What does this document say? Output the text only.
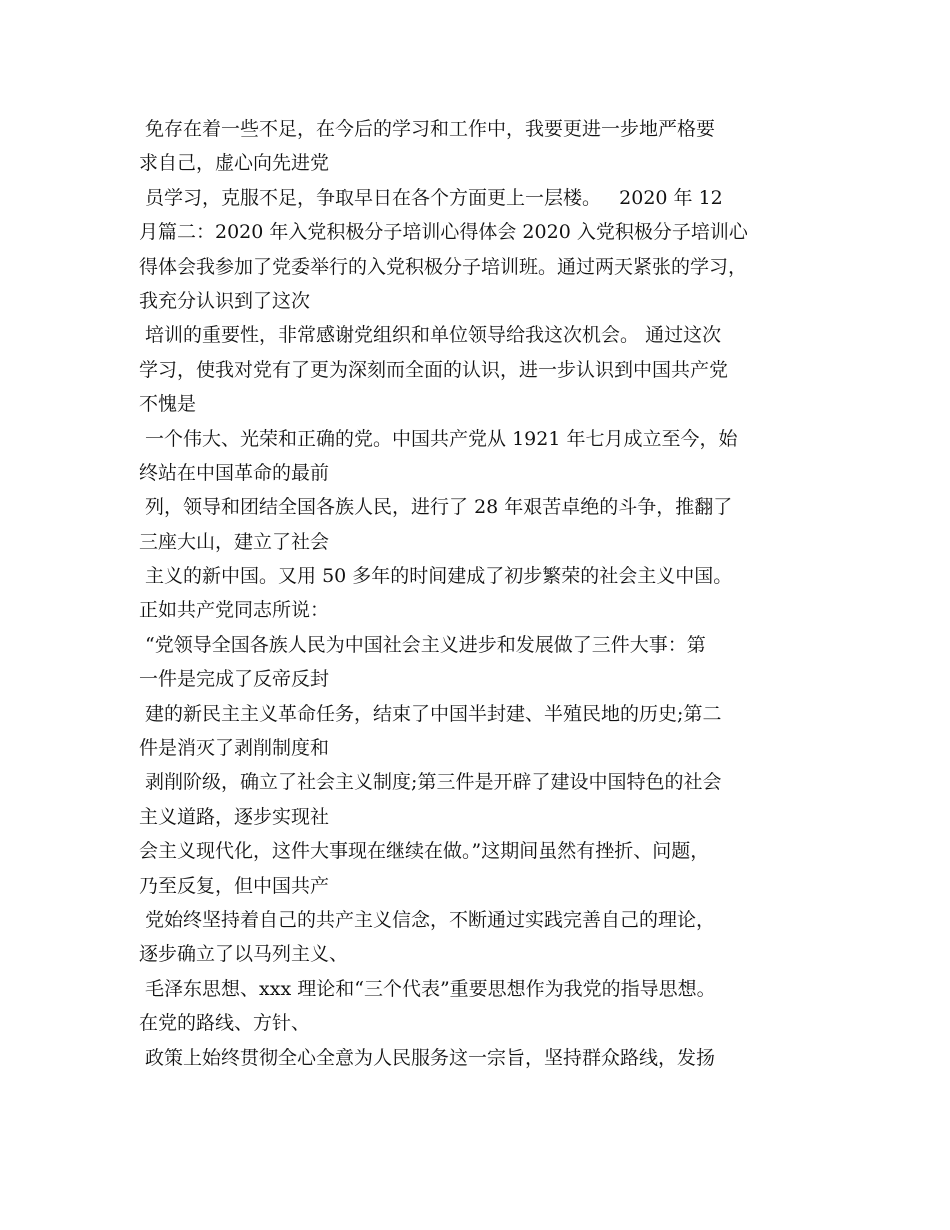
免存在着一些不足，在今后的学习和工作中，我要更进一步地严格要
求自己，虚心向先进党
员学习，克服不足，争取早日在各个方面更上一层楼。   2020 年 12
月篇二：2020 年入党积极分子培训心得体会 2020 入党积极分子培训心
得体会我参加了党委举行的入党积极分子培训班。通过两天紧张的学习，
我充分认识到了这次
培训的重要性，非常感谢党组织和单位领导给我这次机会。 通过这次
学习，使我对党有了更为深刻而全面的认识，进一步认识到中国共产党
不愧是
一个伟大、光荣和正确的党。中国共产党从 1921 年七月成立至今，始
终站在中国革命的最前
列，领导和团结全国各族人民，进行了 28 年艰苦卓绝的斗争，推翻了
三座大山，建立了社会
主义的新中国。又用 50 多年的时间建成了初步繁荣的社会主义中国。
正如共产党同志所说：
“党领导全国各族人民为中国社会主义进步和发展做了三件大事：第
一件是完成了反帝反封
建的新民主主义革命任务，结束了中国半封建、半殖民地的历史;第二
件是消灭了剥削制度和
剥削阶级，确立了社会主义制度;第三件是开辟了建设中国特色的社会
主义道路，逐步实现社
会主义现代化，这件大事现在继续在做。”这期间虽然有挫折、问题，
乃至反复，但中国共产
党始终坚持着自己的共产主义信念，不断通过实践完善自己的理论，
逐步确立了以马列主义、
毛泽东思想、xxx 理论和“三个代表”重要思想作为我党的指导思想。
在党的路线、方针、
政策上始终贯彻全心全意为人民服务这一宗旨，坚持群众路线，发扬
